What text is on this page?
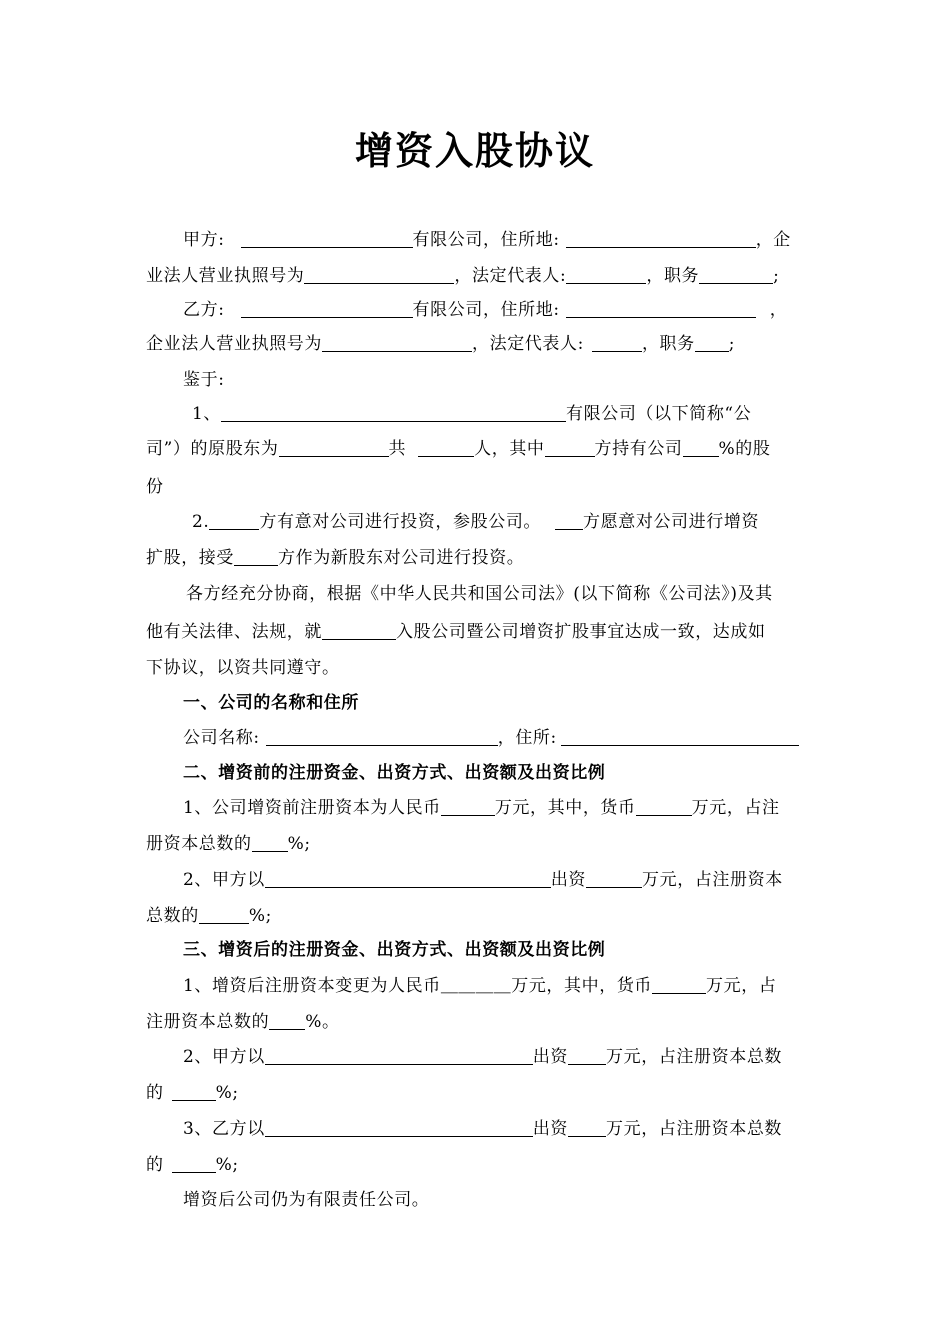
增资入股协议
甲方:	有限公司，住所地:	，企
业法人营业执照号为	，法定代表人:	，职务	;
乙方:	有限公司，住所地:	，
企业法人营业执照号为	，法定代表人:	，职务 ;
鉴于:
1、	有限公司（以下简称“公
司”）的原股东为	共	人，其中	方持有公司 %的股
份
2.	方有意对公司进行投资，参股公司。 方愿意对公司进行增资
扩股，接受	方作为新股东对公司进行投资。
各方经充分协商，根据《中华人民共和国公司法》(以下简称《公司法》)及其
他有关法律、法规，就	入股公司暨公司增资扩股事宜达成一致，达成如
下协议，以资共同遵守。
一、公司的名称和住所
公司名称:	，住所:
二、增资前的注册资金、出资方式、出资额及出资比例
1、公司增资前注册资本为人民币	万元，其中，货币	万元，占注
册资本总数的 %;
2、甲方以	出资	万元，占注册资本
总数的	%;
三、增资后的注册资金、出资方式、出资额及出资比例
1、增资后注册资本变更为人民币＿＿＿＿万元，其中，货币	万元，占
注册资本总数的 %。
2、甲方以	出资 万元，占注册资本总数
的	%;
3、乙方以	出资 万元，占注册资本总数
的	%;
增资后公司仍为有限责任公司。
